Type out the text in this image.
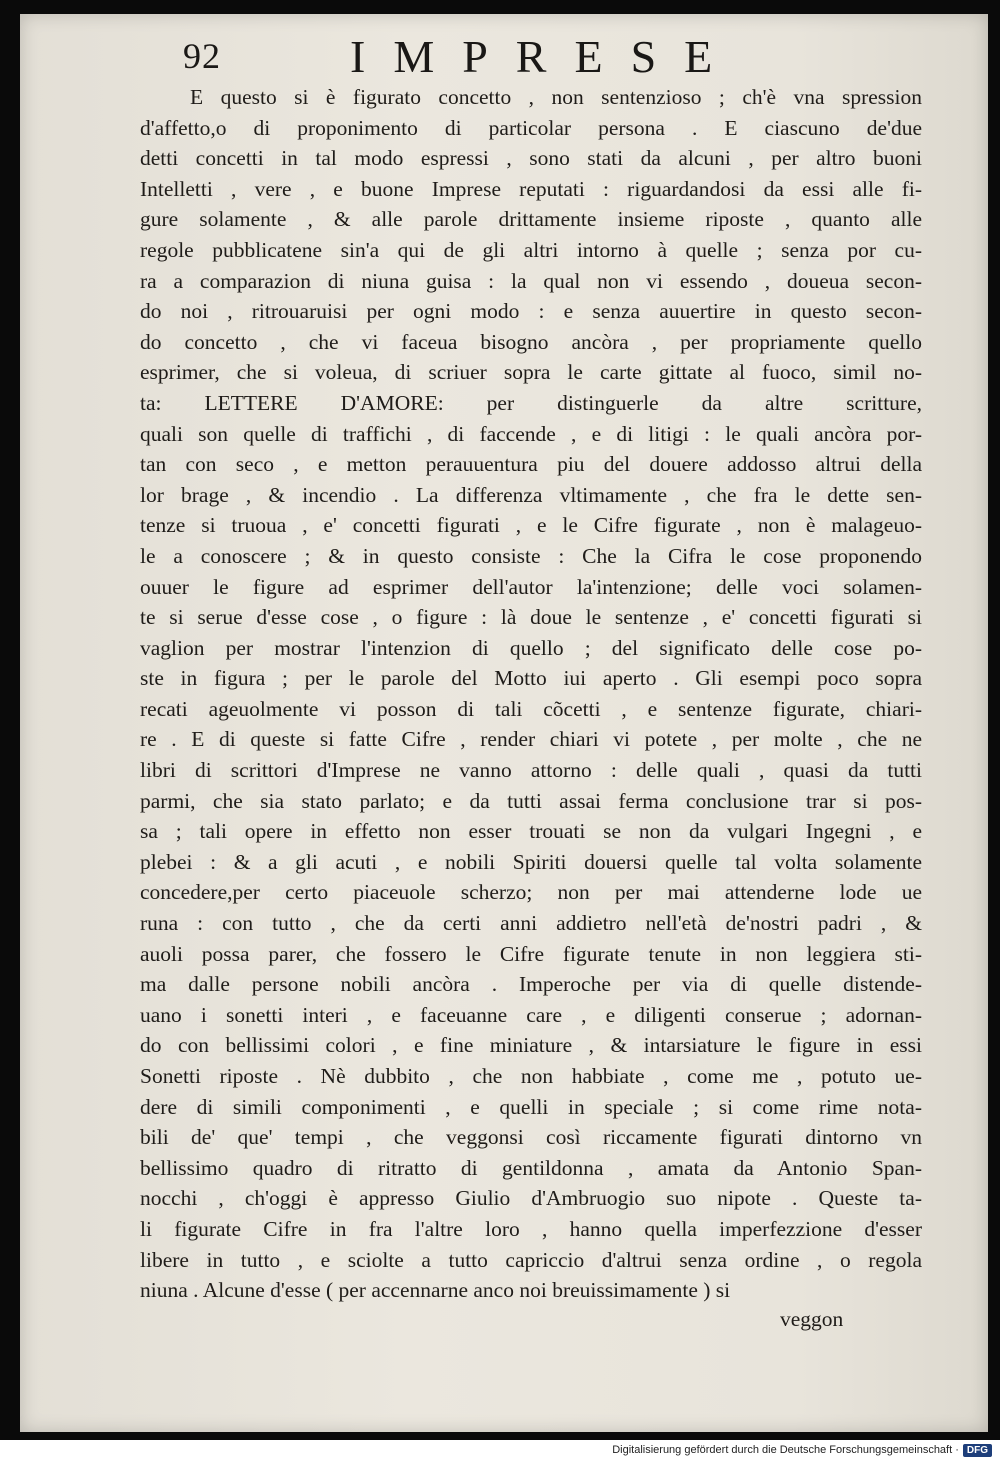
92	IMPRESE
E questo si è figurato concetto , non sentenzioso ; ch'è vna spression
d'affetto,o di proponimento di particolar persona . E ciascuno de'due
detti concetti in tal modo espressi , sono stati da alcuni , per altro buoni
Intelletti , vere , e buone Imprese reputati : riguardandosi da essi alle fi-
gure solamente , & alle parole drittamente insieme riposte , quanto alle
regole pubblicatene sin'a qui de gli altri intorno à quelle ; senza por cu-
ra a comparazion di niuna guisa : la qual non vi essendo , doueua secon-
do noi , ritrouaruisi per ogni modo : e senza auuertire in questo secon-
do concetto , che vi faceua bisogno ancòra , per propriamente quello
esprimer, che si voleua, di scriuer sopra le carte gittate al fuoco, simil no-
ta: LETTERE D'AMORE: per distinguerle da altre scritture,
quali son quelle di traffichi , di faccende , e di litigi : le quali ancòra por-
tan con seco , e metton perauuentura piu del douere addosso altrui della
lor brage , & incendio . La differenza vltimamente , che fra le dette sen-
tenze si truoua , e' concetti figurati , e le Cifre figurate , non è malageuo-
le a conoscere ; & in questo consiste : Che la Cifra le cose proponendo
ouuer le figure ad esprimer dell'autor la'intenzione; delle voci solamen-
te si serue d'esse cose , o figure : là doue le sentenze , e' concetti figurati si
vaglion per mostrar l'intenzion di quello ; del significato delle cose po-
ste in figura ; per le parole del Motto iui aperto . Gli esempi poco sopra
recati ageuolmente vi posson di tali cõcetti , e sentenze figurate, chiari-
re . E di queste si fatte Cifre , render chiari vi potete , per molte , che ne
libri di scrittori d'Imprese ne vanno attorno : delle quali , quasi da tutti
parmi, che sia stato parlato; e da tutti assai ferma conclusione trar si pos-
sa ; tali opere in effetto non esser trouati se non da vulgari Ingegni , e
plebei : & a gli acuti , e nobili Spiriti douersi quelle tal volta solamente
concedere,per certo piaceuole scherzo; non per mai attenderne lode ue
runa : con tutto , che da certi anni addietro nell'età de'nostri padri , &
auoli possa parer, che fossero le Cifre figurate tenute in non leggiera sti-
ma dalle persone nobili ancòra . Imperoche per via di quelle distende-
uano i sonetti interi , e faceuanne care , e diligenti conserue ; adornan-
do con bellissimi colori , e fine miniature , & intarsiature le figure in essi
Sonetti riposte . Nè dubbito , che non habbiate , come me , potuto ue-
dere di simili componimenti , e quelli in speciale ; si come rime nota-
bili de' que' tempi , che veggonsi così riccamente figurati dintorno vn
bellissimo quadro di ritratto di gentildonna , amata da Antonio Span-
nocchi , ch'oggi è appresso Giulio d'Ambruogio suo nipote . Queste ta-
li figurate Cifre in fra l'altre loro , hanno quella imperfezzione d'esser
libere in tutto , e sciolte a tutto capriccio d'altrui senza ordine , o regola
niuna . Alcune d'esse ( per accennarne anco noi breuissimamente ) si
veggon
Digitalisierung gefördert durch die Deutsche Forschungsgemeinschaft · DFG
